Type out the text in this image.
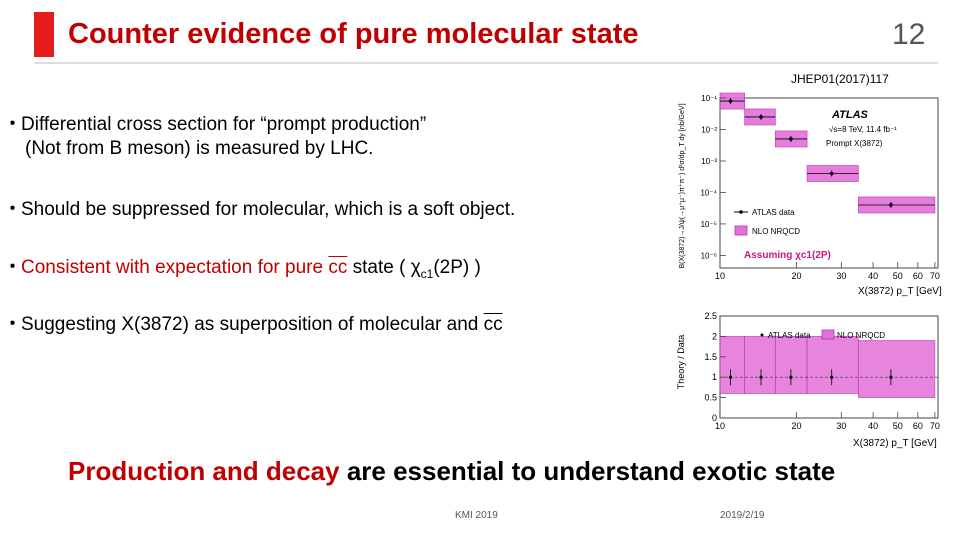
Counter evidence of pure molecular state	12
JHEP01(2017)117
・Differential cross section for “prompt production”
(Not from B meson) is measured by LHC.
・Should be suppressed for molecular, which is a soft object.
・Consistent with expectation for pure $\overline{cc}$ state ( $\chi_{c1}(2P)$ )
・Suggesting X(3872) as superposition of molecular and $\overline{cc}$
10⁻¹
10⁻²
10⁻³
10⁻⁴
10⁻⁵
10⁻⁶
ATLAS
√s=8 TeV, 11.4 fb⁻¹
Prompt X(3872)
ATLAS data
NLO NRQCD
Assuming χc1(2P)
10	20	30 40 50 60 70
X(3872) p_T [GeV]
B(X(3872)→J/ψ(→μ⁺μ⁻)π⁺π⁻) d²σ/dp_T dy [nb/GeV]
0
0.5
1
1.5
2
2.5
ATLAS data	NLO NRQCD
10	20	30 40 50 60 70
X(3872) p_T [GeV]
Theory / Data
Production and decay are essential to understand exotic state
KMI 2019	2019/2/19
